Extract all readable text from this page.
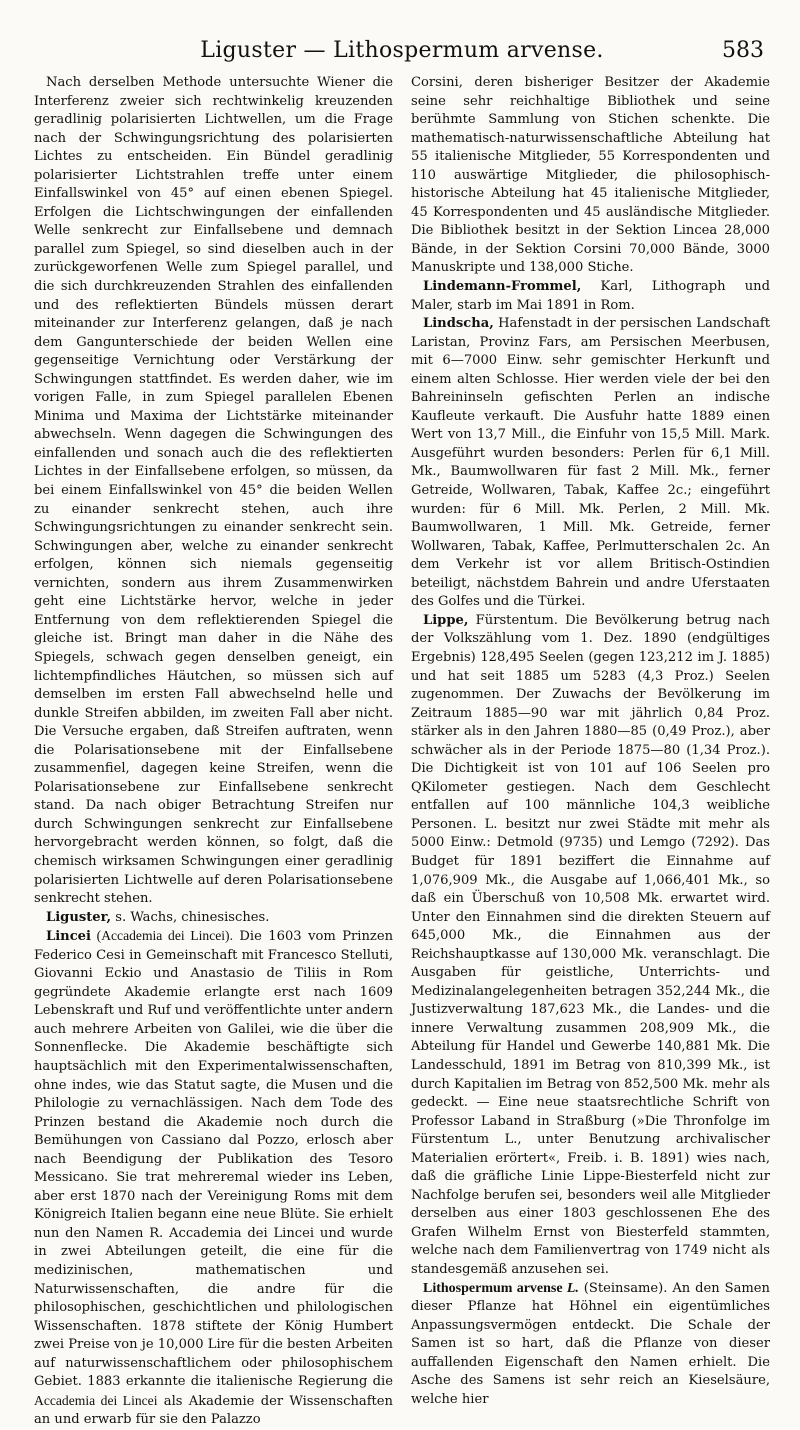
Liguster — Lithospermum arvense.	583

Nach derselben Methode untersuchte Wiener die Interferenz zweier sich rechtwinkelig kreuzenden geradlinig polarisierten Lichtwellen, um die Frage nach der Schwingungsrichtung des polarisierten Lichtes zu entscheiden. Ein Bündel geradlinig polarisierter Lichtstrahlen treffe unter einem Einfallswinkel von 45° auf einen ebenen Spiegel. Erfolgen die Lichtschwingungen der einfallenden Welle senkrecht zur Einfallsebene und demnach parallel zum Spiegel, so sind dieselben auch in der zurückgeworfenen Welle zum Spiegel parallel, und die sich durchkreuzenden Strahlen des einfallenden und des reflektierten Bündels müssen derart miteinander zur Interferenz gelangen, daß je nach dem Gangunterschiede der beiden Wellen eine gegenseitige Vernichtung oder Verstärkung der Schwingungen stattfindet. Es werden daher, wie im vorigen Falle, in zum Spiegel parallelen Ebenen Minima und Maxima der Lichtstärke miteinander abwechseln. Wenn dagegen die Schwingungen des einfallenden und sonach auch die des reflektierten Lichtes in der Einfallsebene erfolgen, so müssen, da bei einem Einfallswinkel von 45° die beiden Wellen zu einander senkrecht stehen, auch ihre Schwingungsrichtungen zu einander senkrecht sein. Schwingungen aber, welche zu einander senkrecht erfolgen, können sich niemals gegenseitig vernichten, sondern aus ihrem Zusammenwirken geht eine Lichtstärke hervor, welche in jeder Entfernung von dem reflektierenden Spiegel die gleiche ist. Bringt man daher in die Nähe des Spiegels, schwach gegen denselben geneigt, ein lichtempfindliches Häutchen, so müssen sich auf demselben im ersten Fall abwechselnd helle und dunkle Streifen abbilden, im zweiten Fall aber nicht. Die Versuche ergaben, daß Streifen auftraten, wenn die Polarisationsebene mit der Einfallsebene zusammenfiel, dagegen keine Streifen, wenn die Polarisationsebene zur Einfallsebene senkrecht stand. Da nach obiger Betrachtung Streifen nur durch Schwingungen senkrecht zur Einfallsebene hervorgebracht werden können, so folgt, daß die chemisch wirksamen Schwingungen einer geradlinig polarisierten Lichtwelle auf deren Polarisationsebene senkrecht stehen.

Liguster, s. Wachs, chinesisches.

Lincei (Accademia dei Lincei). Die 1603 vom Prinzen Federico Cesi in Gemeinschaft mit Francesco Stelluti, Giovanni Eckio und Anastasio de Tiliis in Rom gegründete Akademie erlangte erst nach 1609 Lebenskraft und Ruf und veröffentlichte unter andern auch mehrere Arbeiten von Galilei, wie die über die Sonnenflecke. Die Akademie beschäftigte sich hauptsächlich mit den Experimentalwissenschaften, ohne indes, wie das Statut sagte, die Musen und die Philologie zu vernachlässigen. Nach dem Tode des Prinzen bestand die Akademie noch durch die Bemühungen von Cassiano dal Pozzo, erlosch aber nach Beendigung der Publikation des Tesoro Messicano. Sie trat mehreremal wieder ins Leben, aber erst 1870 nach der Vereinigung Roms mit dem Königreich Italien begann eine neue Blüte. Sie erhielt nun den Namen R. Accademia dei Lincei und wurde in zwei Abteilungen geteilt, die eine für die medizinischen, mathematischen und Naturwissenschaften, die andre für die philosophischen, geschichtlichen und philologischen Wissenschaften. 1878 stiftete der König Humbert zwei Preise von je 10,000 Lire für die besten Arbeiten auf naturwissenschaftlichem oder philosophischem Gebiet. 1883 erkannte die italienische Regierung die Accademia dei Lincei als Akademie der Wissenschaften an und erwarb für sie den Palazzo

Corsini, deren bisheriger Besitzer der Akademie seine sehr reichhaltige Bibliothek und seine berühmte Sammlung von Stichen schenkte. Die mathematisch-naturwissenschaftliche Abteilung hat 55 italienische Mitglieder, 55 Korrespondenten und 110 auswärtige Mitglieder, die philosophisch-historische Abteilung hat 45 italienische Mitglieder, 45 Korrespondenten und 45 ausländische Mitglieder. Die Bibliothek besitzt in der Sektion Lincea 28,000 Bände, in der Sektion Corsini 70,000 Bände, 3000 Manuskripte und 138,000 Stiche.

Lindemann-Frommel, Karl, Lithograph und Maler, starb im Mai 1891 in Rom.

Lindscha, Hafenstadt in der persischen Landschaft Laristan, Provinz Fars, am Persischen Meerbusen, mit 6—7000 Einw. sehr gemischter Herkunft und einem alten Schlosse. Hier werden viele der bei den Bahreininseln gefischten Perlen an indische Kaufleute verkauft. Die Ausfuhr hatte 1889 einen Wert von 13,7 Mill., die Einfuhr von 15,5 Mill. Mark. Ausgeführt wurden besonders: Perlen für 6,1 Mill. Mk., Baumwollwaren für fast 2 Mill. Mk., ferner Getreide, Wollwaren, Tabak, Kaffee 2c.; eingeführt wurden: für 6 Mill. Mk. Perlen, 2 Mill. Mk. Baumwollwaren, 1 Mill. Mk. Getreide, ferner Wollwaren, Tabak, Kaffee, Perlmutterschalen 2c. An dem Verkehr ist vor allem Britisch-Ostindien beteiligt, nächstdem Bahrein und andre Uferstaaten des Golfes und die Türkei.

Lippe, Fürstentum. Die Bevölkerung betrug nach der Volkszählung vom 1. Dez. 1890 (endgültiges Ergebnis) 128,495 Seelen (gegen 123,212 im J. 1885) und hat seit 1885 um 5283 (4,3 Proz.) Seelen zugenommen. Der Zuwachs der Bevölkerung im Zeitraum 1885—90 war mit jährlich 0,84 Proz. stärker als in den Jahren 1880—85 (0,49 Proz.), aber schwächer als in der Periode 1875—80 (1,34 Proz.). Die Dichtigkeit ist von 101 auf 106 Seelen pro QKilometer gestiegen. Nach dem Geschlecht entfallen auf 100 männliche 104,3 weibliche Personen. L. besitzt nur zwei Städte mit mehr als 5000 Einw.: Detmold (9735) und Lemgo (7292). Das Budget für 1891 beziffert die Einnahme auf 1,076,909 Mk., die Ausgabe auf 1,066,401 Mk., so daß ein Überschuß von 10,508 Mk. erwartet wird. Unter den Einnahmen sind die direkten Steuern auf 645,000 Mk., die Einnahmen aus der Reichshauptkasse auf 130,000 Mk. veranschlagt. Die Ausgaben für geistliche, Unterrichts- und Medizinalangelegenheiten betragen 352,244 Mk., die Justizverwaltung 187,623 Mk., die Landes- und die innere Verwaltung zusammen 208,909 Mk., die Abteilung für Handel und Gewerbe 140,881 Mk. Die Landesschuld, 1891 im Betrag von 810,399 Mk., ist durch Kapitalien im Betrag von 852,500 Mk. mehr als gedeckt. — Eine neue staatsrechtliche Schrift von Professor Laband in Straßburg (»Die Thronfolge im Fürstentum L., unter Benutzung archivalischer Materialien erörtert«, Freib. i. B. 1891) wies nach, daß die gräfliche Linie Lippe-Biesterfeld nicht zur Nachfolge berufen sei, besonders weil alle Mitglieder derselben aus einer 1803 geschlossenen Ehe des Grafen Wilhelm Ernst von Biesterfeld stammten, welche nach dem Familienvertrag von 1749 nicht als standesgemäß anzusehen sei.

Lithospermum arvense L. (Steinsame). An den Samen dieser Pflanze hat Höhnel ein eigentümliches Anpassungsvermögen entdeckt. Die Schale der Samen ist so hart, daß die Pflanze von dieser auffallenden Eigenschaft den Namen erhielt. Die Asche des Samens ist sehr reich an Kieselsäure, welche hier
